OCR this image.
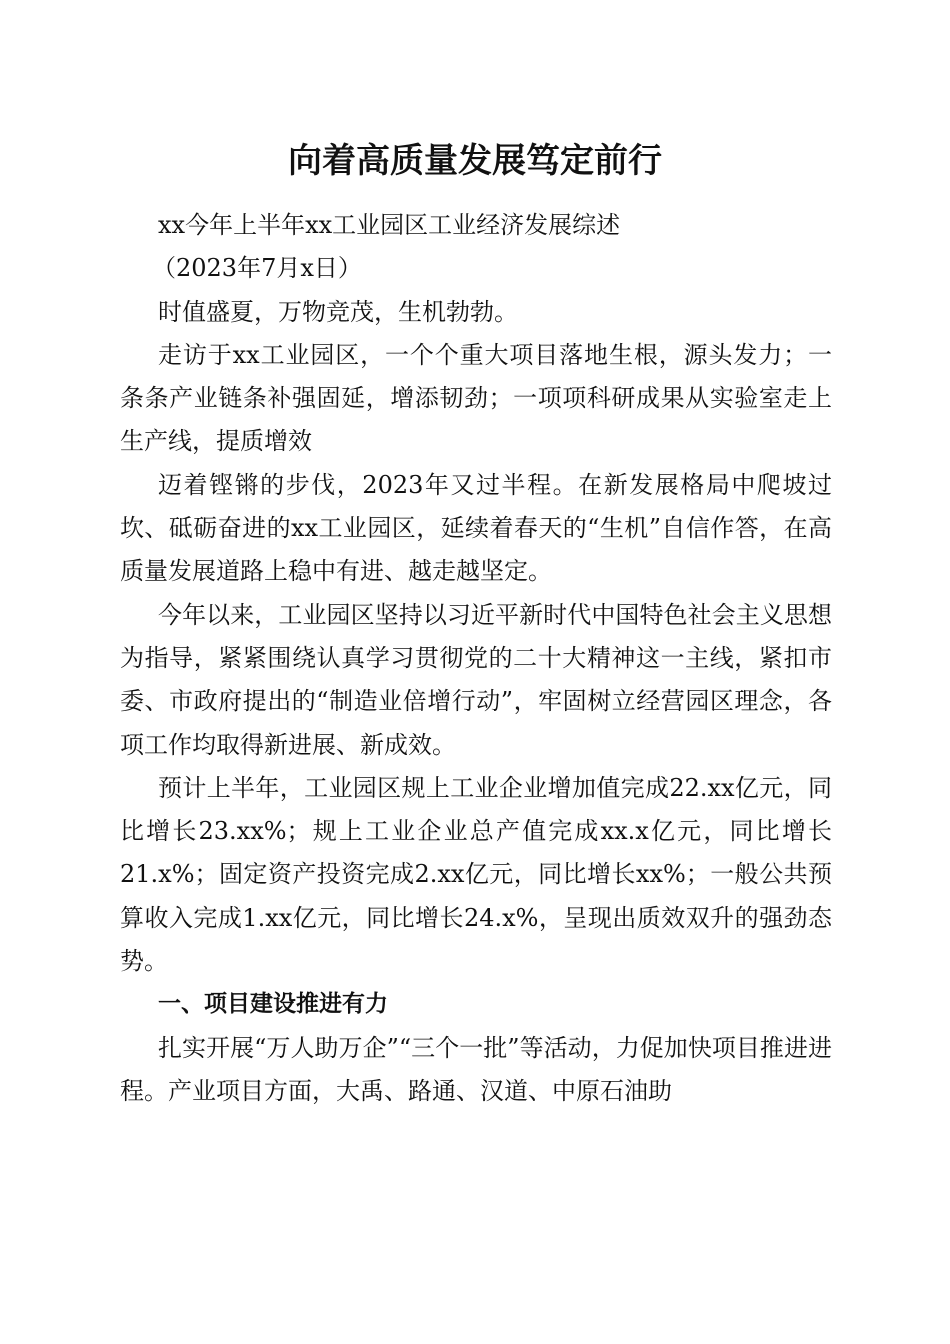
向着高质量发展笃定前行

xx今年上半年xx工业园区工业经济发展综述

（2023年7月x日）

时值盛夏，万物竞茂，生机勃勃。

走访于xx工业园区，一个个重大项目落地生根，源头发力；一条条产业链条补强固延，增添韧劲；一项项科研成果从实验室走上生产线，提质增效

迈着铿锵的步伐，2023年又过半程。在新发展格局中爬坡过坎、砥砺奋进的xx工业园区，延续着春天的“生机”自信作答，在高质量发展道路上稳中有进、越走越坚定。

今年以来，工业园区坚持以习近平新时代中国特色社会主义思想为指导，紧紧围绕认真学习贯彻党的二十大精神这一主线，紧扣市委、市政府提出的“制造业倍增行动”，牢固树立经营园区理念，各项工作均取得新进展、新成效。

预计上半年，工业园区规上工业企业增加值完成22.xx亿元，同比增长23.xx%；规上工业企业总产值完成xx.x亿元，同比增长21.x%；固定资产投资完成2.xx亿元，同比增长xx%；一般公共预算收入完成1.xx亿元，同比增长24.x%，呈现出质效双升的强劲态势。

一、项目建设推进有力

扎实开展“万人助万企”“三个一批”等活动，力促加快项目推进进程。产业项目方面，大禹、路通、汉道、中原石油助
